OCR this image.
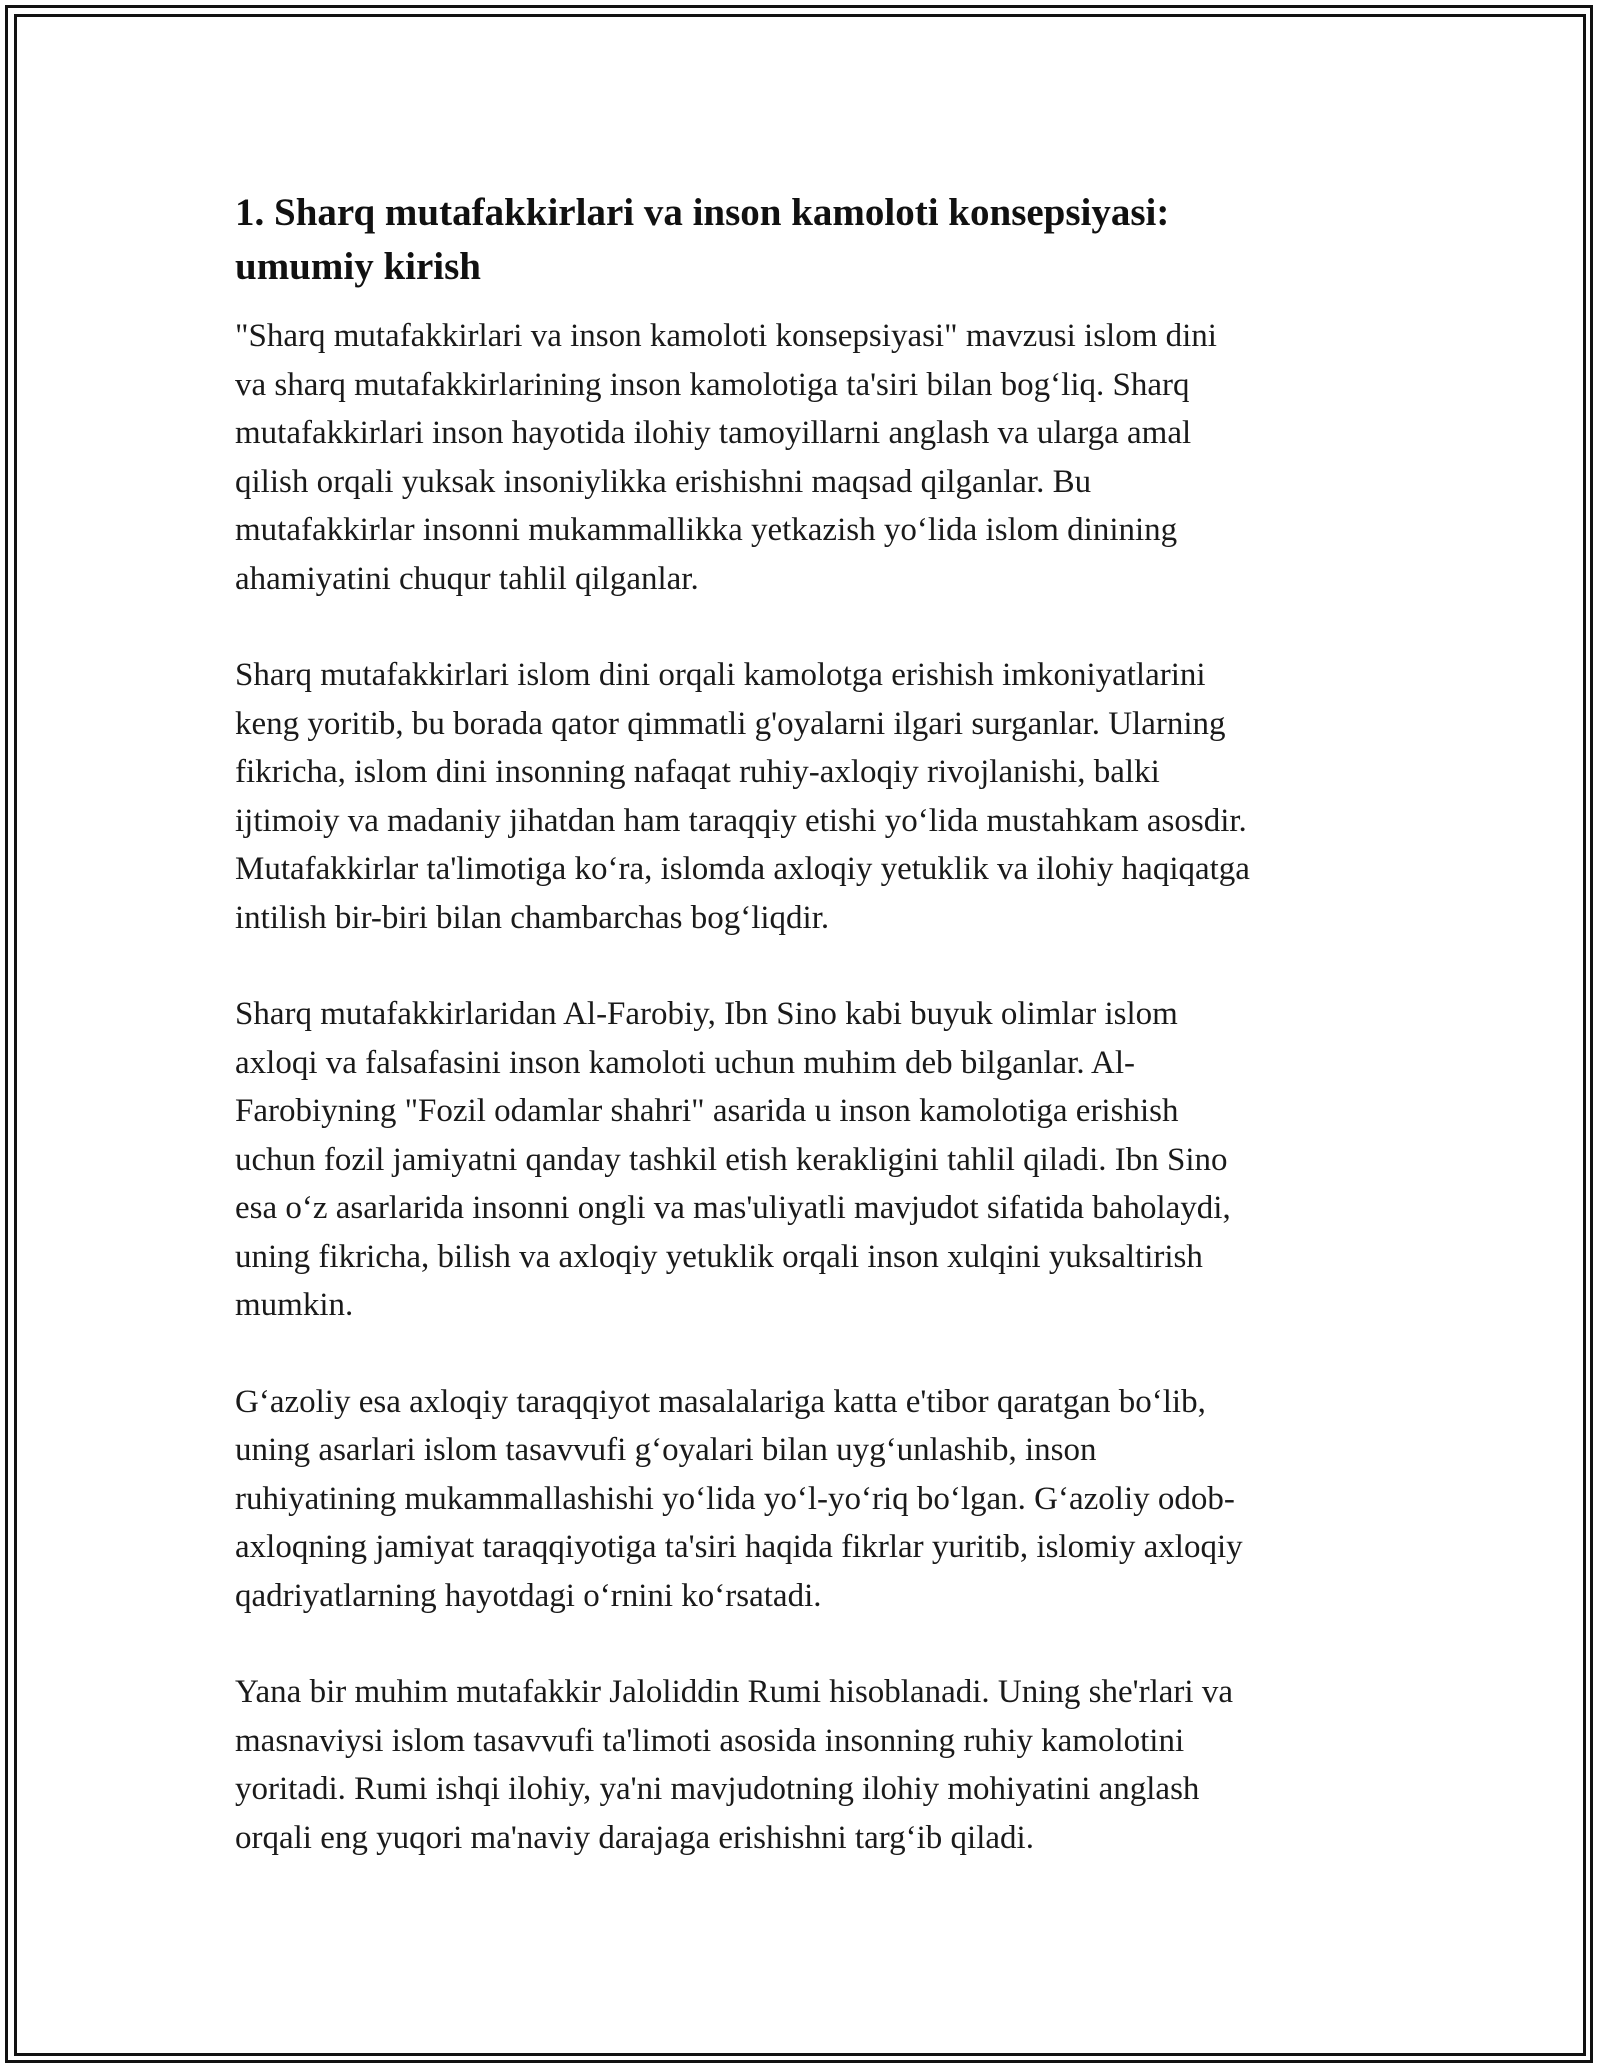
1. Sharq mutafakkirlari va inson kamoloti konsepsiyasi:
umumiy kirish
"Sharq mutafakkirlari va inson kamoloti konsepsiyasi" mavzusi islom dini
va sharq mutafakkirlarining inson kamolotiga ta'siri bilan bog‘liq. Sharq
mutafakkirlari inson hayotida ilohiy tamoyillarni anglash va ularga amal
qilish orqali yuksak insoniylikka erishishni maqsad qilganlar. Bu
mutafakkirlar insonni mukammallikka yetkazish yo‘lida islom dinining
ahamiyatini chuqur tahlil qilganlar.
Sharq mutafakkirlari islom dini orqali kamolotga erishish imkoniyatlarini
keng yoritib, bu borada qator qimmatli g'oyalarni ilgari surganlar. Ularning
fikricha, islom dini insonning nafaqat ruhiy-axloqiy rivojlanishi, balki
ijtimoiy va madaniy jihatdan ham taraqqiy etishi yo‘lida mustahkam asosdir.
Mutafakkirlar ta'limotiga ko‘ra, islomda axloqiy yetuklik va ilohiy haqiqatga
intilish bir-biri bilan chambarchas bog‘liqdir.
Sharq mutafakkirlaridan Al-Farobiy, Ibn Sino kabi buyuk olimlar islom
axloqi va falsafasini inson kamoloti uchun muhim deb bilganlar. Al-
Farobiyning "Fozil odamlar shahri" asarida u inson kamolotiga erishish
uchun fozil jamiyatni qanday tashkil etish kerakligini tahlil qiladi. Ibn Sino
esa o‘z asarlarida insonni ongli va mas'uliyatli mavjudot sifatida baholaydi,
uning fikricha, bilish va axloqiy yetuklik orqali inson xulqini yuksaltirish
mumkin.
G‘azoliy esa axloqiy taraqqiyot masalalariga katta e'tibor qaratgan bo‘lib,
uning asarlari islom tasavvufi g‘oyalari bilan uyg‘unlashib, inson
ruhiyatining mukammallashishi yo‘lida yo‘l-yo‘riq bo‘lgan. G‘azoliy odob-
axloqning jamiyat taraqqiyotiga ta'siri haqida fikrlar yuritib, islomiy axloqiy
qadriyatlarning hayotdagi o‘rnini ko‘rsatadi.
Yana bir muhim mutafakkir Jaloliddin Rumi hisoblanadi. Uning she'rlari va
masnaviysi islom tasavvufi ta'limoti asosida insonning ruhiy kamolotini
yoritadi. Rumi ishqi ilohiy, ya'ni mavjudotning ilohiy mohiyatini anglash
orqali eng yuqori ma'naviy darajaga erishishni targ‘ib qiladi.
